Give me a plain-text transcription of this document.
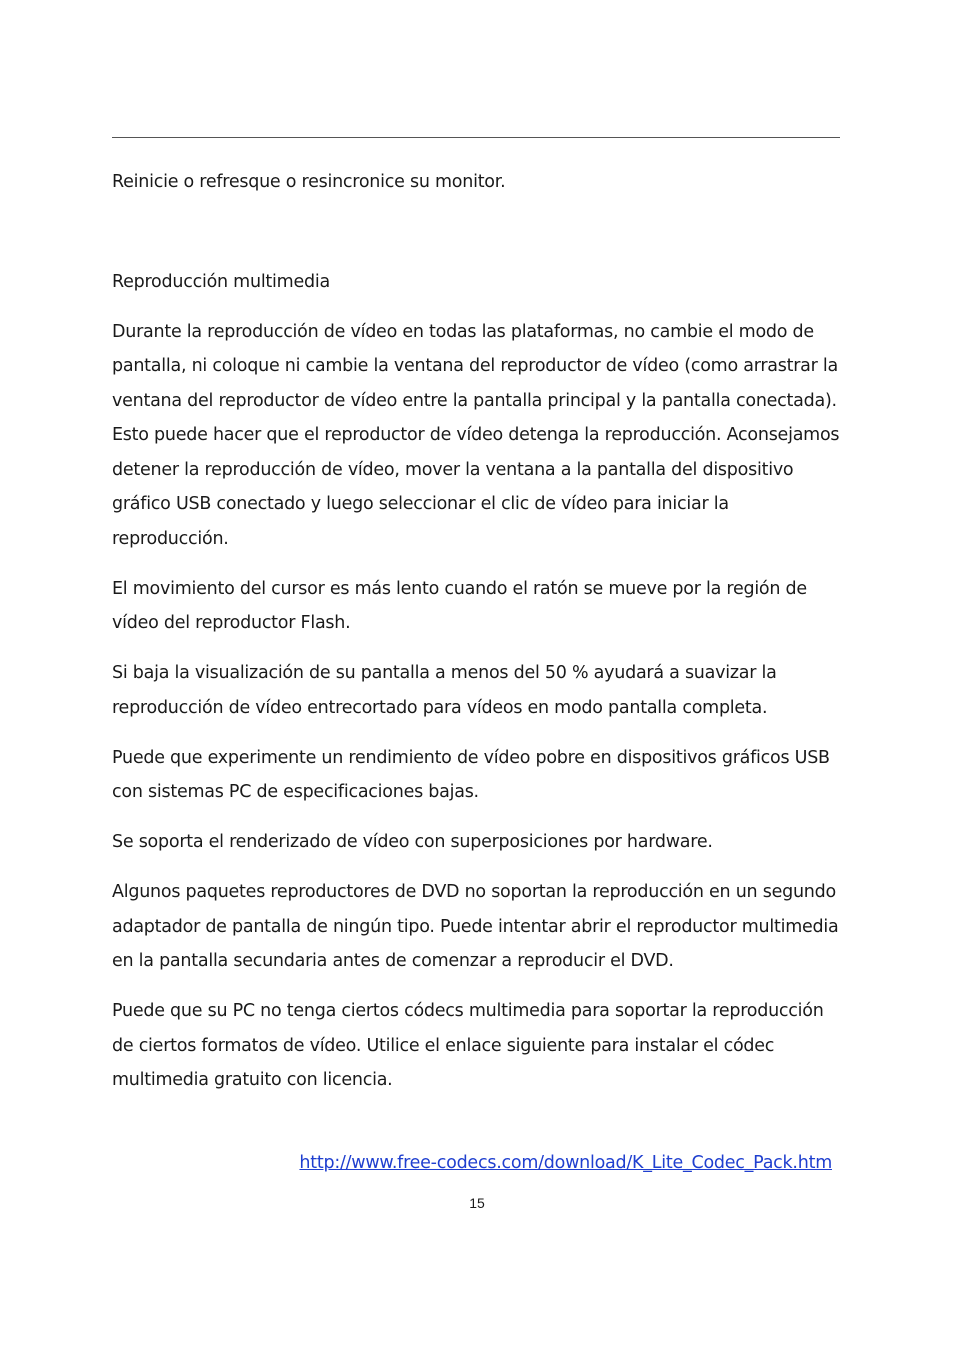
Reinicie o refresque o resincronice su monitor.

Reproducción multimedia

Durante la reproducción de vídeo en todas las plataformas, no cambie el modo de pantalla, ni coloque ni cambie la ventana del reproductor de vídeo (como arrastrar la ventana del reproductor de vídeo entre la pantalla principal y la pantalla conectada). Esto puede hacer que el reproductor de vídeo detenga la reproducción. Aconsejamos detener la reproducción de vídeo, mover la ventana a la pantalla del dispositivo gráfico USB conectado y luego seleccionar el clic de vídeo para iniciar la reproducción.

El movimiento del cursor es más lento cuando el ratón se mueve por la región de vídeo del reproductor Flash.

Si baja la visualización de su pantalla a menos del 50 % ayudará a suavizar la reproducción de vídeo entrecortado para vídeos en modo pantalla completa.

Puede que experimente un rendimiento de vídeo pobre en dispositivos gráficos USB con sistemas PC de especificaciones bajas.

Se soporta el renderizado de vídeo con superposiciones por hardware.

Algunos paquetes reproductores de DVD no soportan la reproducción en un segundo adaptador de pantalla de ningún tipo. Puede intentar abrir el reproductor multimedia en la pantalla secundaria antes de comenzar a reproducir el DVD.

Puede que su PC no tenga ciertos códecs multimedia para soportar la reproducción de ciertos formatos de vídeo. Utilice el enlace siguiente para instalar el códec multimedia gratuito con licencia.

http://www.free-codecs.com/download/K_Lite_Codec_Pack.htm
15
